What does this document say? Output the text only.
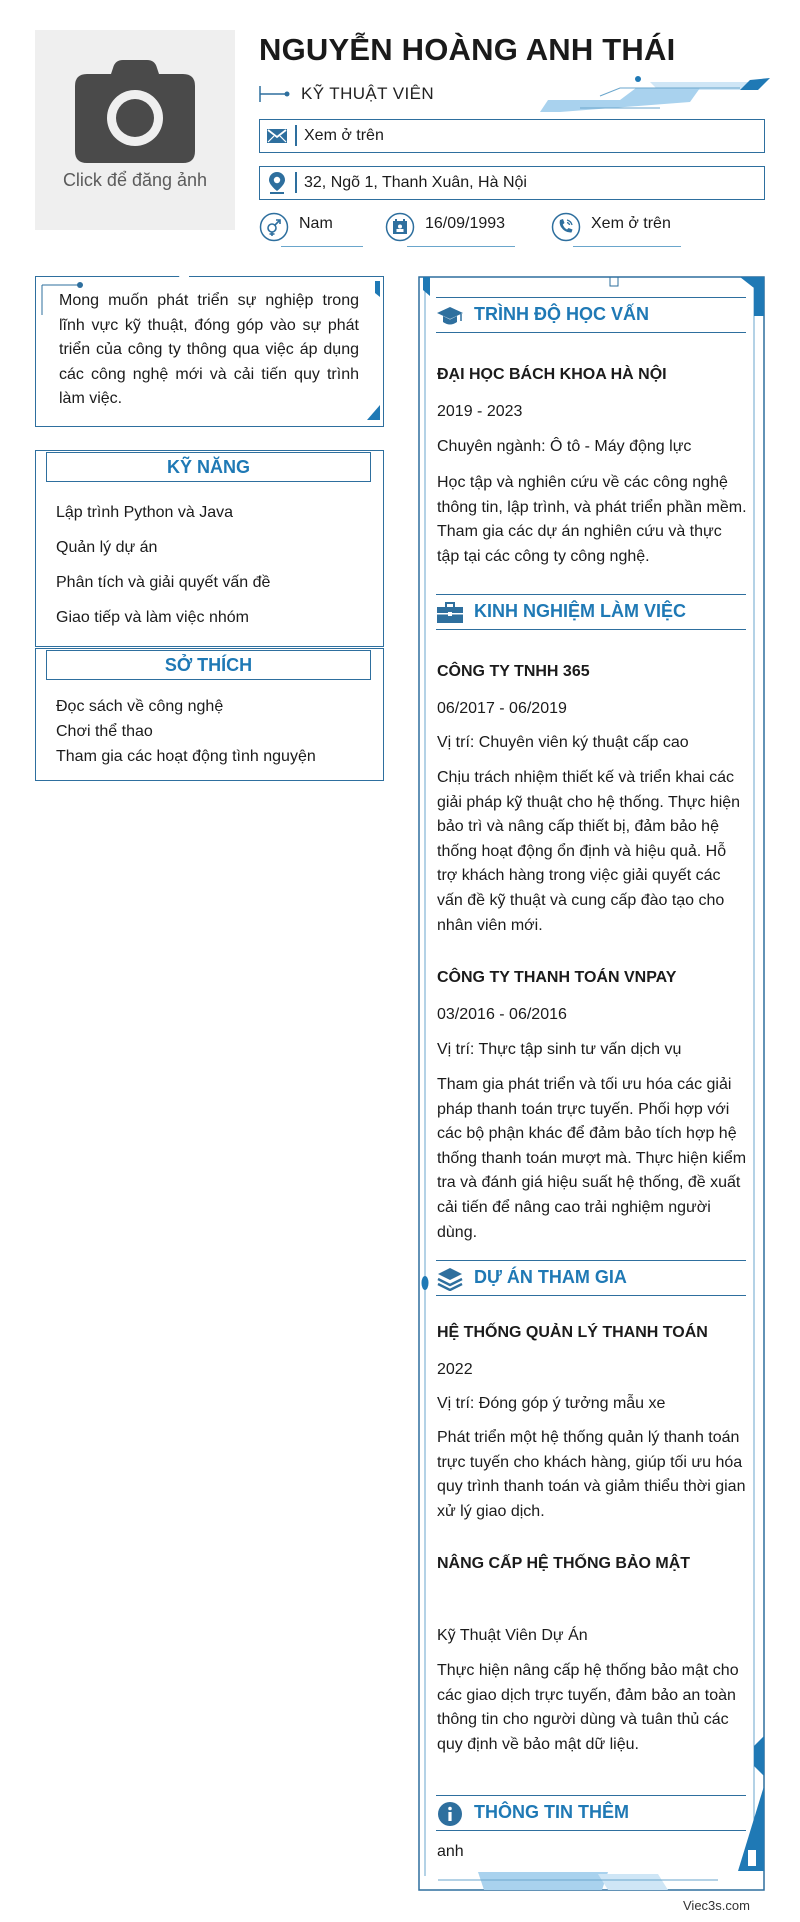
Click để đăng ảnh
NGUYỄN HOÀNG ANH THÁI
KỸ THUẬT VIÊN
Xem ở trên
32, Ngõ 1, Thanh Xuân, Hà Nội
Nam	16/09/1993	Xem ở trên

Mong muốn phát triển sự nghiệp trong lĩnh vực kỹ thuật, đóng góp vào sự phát triển của công ty thông qua việc áp dụng các công nghệ mới và cải tiến quy trình làm việc.

KỸ NĂNG
Lập trình Python và Java
Quản lý dự án
Phân tích và giải quyết vấn đề
Giao tiếp và làm việc nhóm
SỞ THÍCH
Đọc sách về công nghệ
Chơi thể thao
Tham gia các hoạt động tình nguyện
TRÌNH ĐỘ HỌC VẤN
ĐẠI HỌC BÁCH KHOA HÀ NỘI
2019 - 2023
Chuyên ngành: Ô tô - Máy động lực

Học tập và nghiên cứu về các công nghệ thông tin, lập trình, và phát triển phần mềm. Tham gia các dự án nghiên cứu và thực tập tại các công ty công nghệ.

KINH NGHIỆM LÀM VIỆC
CÔNG TY TNHH 365
06/2017 - 06/2019
Vị trí: Chuyên viên ký thuật cấp cao

Chịu trách nhiệm thiết kế và triển khai các giải pháp kỹ thuật cho hệ thống. Thực hiện bảo trì và nâng cấp thiết bị, đảm bảo hệ thống hoạt động ổn định và hiệu quả. Hỗ trợ khách hàng trong việc giải quyết các vấn đề kỹ thuật và cung cấp đào tạo cho nhân viên mới.

CÔNG TY THANH TOÁN VNPAY
03/2016 - 06/2016
Vị trí: Thực tập sinh tư vấn dịch vụ

Tham gia phát triển và tối ưu hóa các giải pháp thanh toán trực tuyến. Phối hợp với các bộ phận khác để đảm bảo tích hợp hệ thống thanh toán mượt mà. Thực hiện kiểm tra và đánh giá hiệu suất hệ thống, đề xuất cải tiến để nâng cao trải nghiệm người dùng.

DỰ ÁN THAM GIA
HỆ THỐNG QUẢN LÝ THANH TOÁN
2022
Vị trí: Đóng góp ý tưởng mẫu xe

Phát triển một hệ thống quản lý thanh toán trực tuyến cho khách hàng, giúp tối ưu hóa quy trình thanh toán và giảm thiểu thời gian xử lý giao dịch.

NÂNG CẤP HỆ THỐNG BẢO MẬT
Kỹ Thuật Viên Dự Án

Thực hiện nâng cấp hệ thống bảo mật cho các giao dịch trực tuyến, đảm bảo an toàn thông tin cho người dùng và tuân thủ các quy định về bảo mật dữ liệu.

THÔNG TIN THÊM
anh
Viec3s.com
